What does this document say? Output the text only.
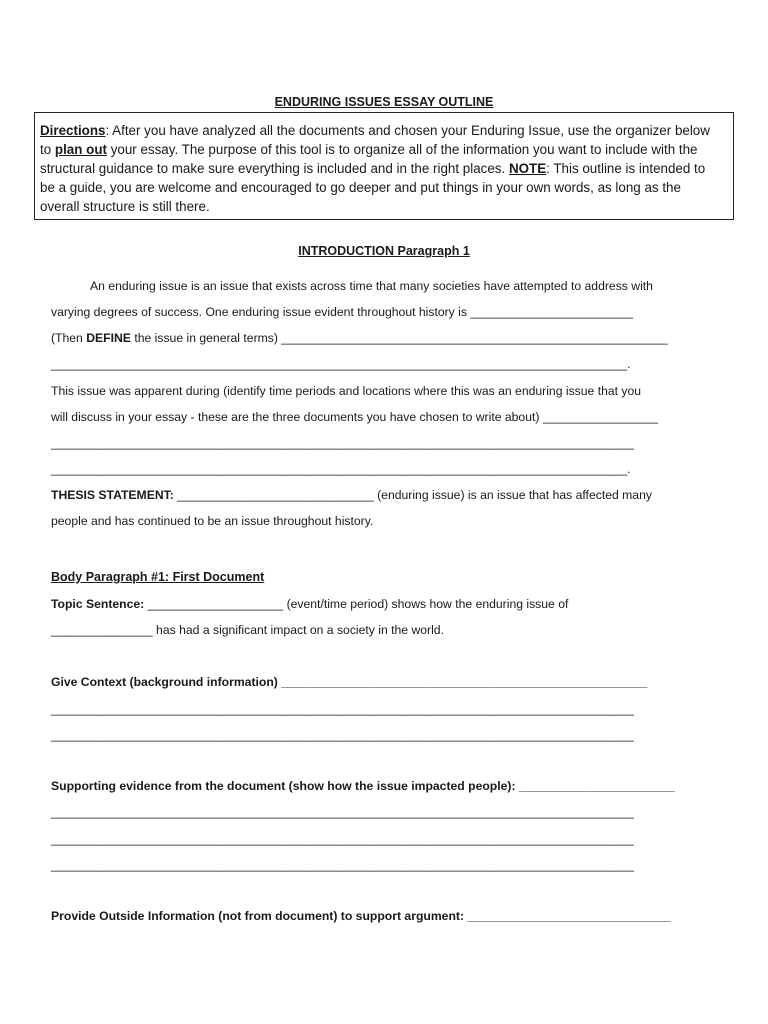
ENDURING ISSUES ESSAY OUTLINE
Directions: After you have analyzed all the documents and chosen your Enduring Issue, use the organizer below
to plan out your essay. The purpose of this tool is to organize all of the information you want to include with the
structural guidance to make sure everything is included and in the right places. NOTE: This outline is intended to
be a guide, you are welcome and encouraged to go deeper and put things in your own words, as long as the
overall structure is still there.
INTRODUCTION Paragraph 1
An enduring issue is an issue that exists across time that many societies have attempted to address with
varying degrees of success. One enduring issue evident throughout history is ________________________
(Then DEFINE the issue in general terms) _________________________________________________________
_____________________________________________________________________________________.
This issue was apparent during (identify time periods and locations where this was an enduring issue that you
will discuss in your essay - these are the three documents you have chosen to write about) _________________
______________________________________________________________________________________
_____________________________________________________________________________________.
THESIS STATEMENT: _____________________________ (enduring issue) is an issue that has affected many
people and has continued to be an issue throughout history.
Body Paragraph #1: First Document
Topic Sentence: ____________________ (event/time period) shows how the enduring issue of
_______________ has had a significant impact on a society in the world.
Give Context (background information) ______________________________________________________
______________________________________________________________________________________
______________________________________________________________________________________
Supporting evidence from the document (show how the issue impacted people): _______________________
______________________________________________________________________________________
______________________________________________________________________________________
______________________________________________________________________________________
Provide Outside Information (not from document) to support argument: ______________________________
